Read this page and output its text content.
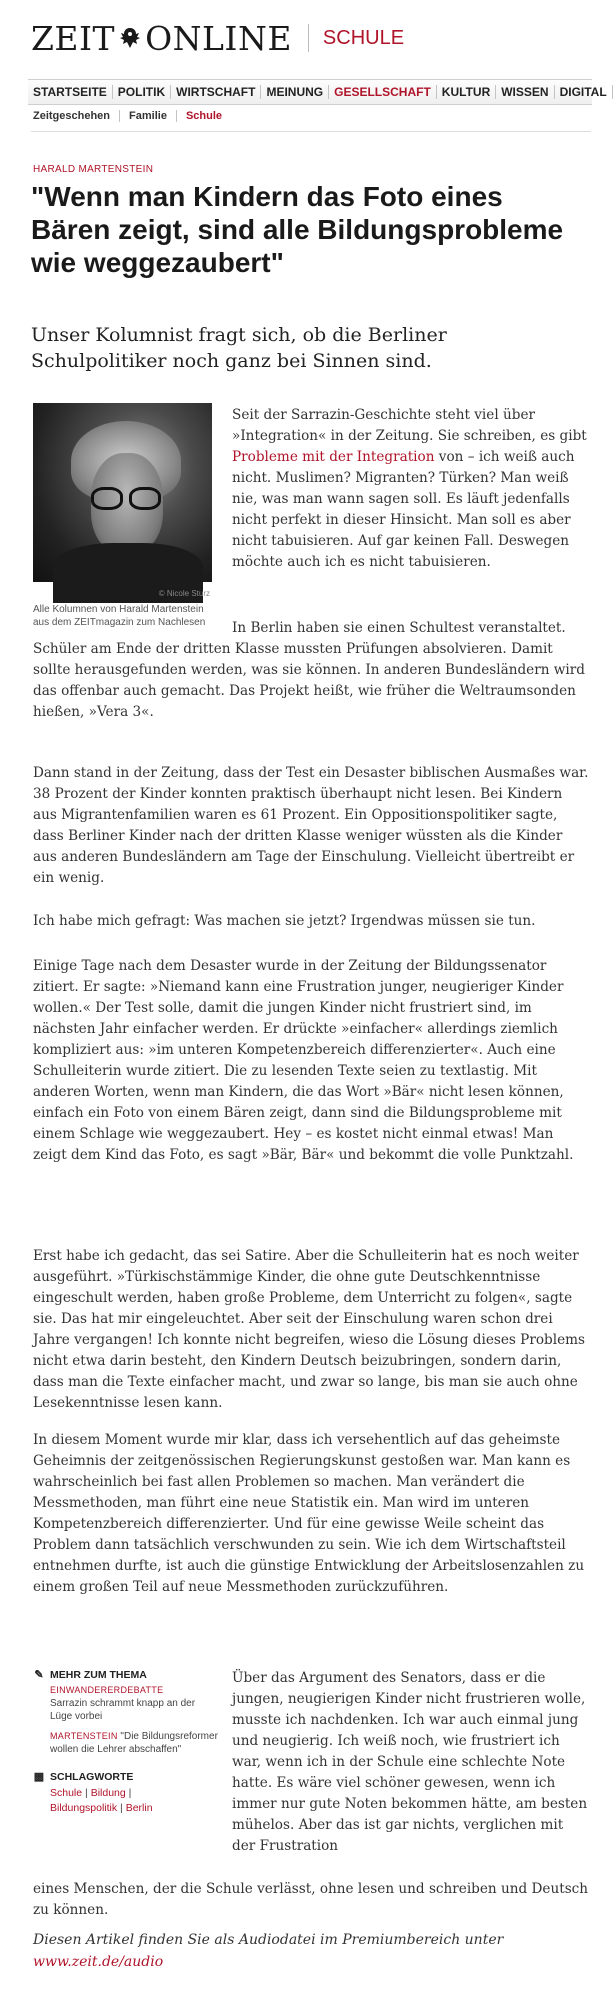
ZEIT ONLINE SCHULE
STARTSEITE POLITIK WIRTSCHAFT MEINUNG GESELLSCHAFT KULTUR WISSEN DIGITAL
Zeitgeschehen	Familie	Schule
HARALD MARTENSTEIN
"Wenn man Kindern das Foto eines Bären zeigt, sind alle Bildungsprobleme wie weggezaubert"

Unser Kolumnist fragt sich, ob die Berliner Schulpolitiker noch ganz bei Sinnen sind.

© Nicole Sturz

Alle Kolumnen von Harald Martenstein aus dem ZEITmagazin zum Nachlesen

Seit der Sarrazin-Geschichte steht viel über »Integration« in der Zeitung. Sie schreiben, es gibt Probleme mit der Integration von – ich weiß auch nicht. Muslimen? Migranten? Türken? Man weiß nie, was man wann sagen soll. Es läuft jedenfalls nicht perfekt in dieser Hinsicht. Man soll es aber nicht tabuisieren. Auf gar keinen Fall. Deswegen möchte auch ich es nicht tabuisieren.

In Berlin haben sie einen Schultest veranstaltet. Schüler am Ende der dritten Klasse mussten Prüfungen absolvieren. Damit sollte herausgefunden werden, was sie können. In anderen Bundesländern wird das offenbar auch gemacht. Das Projekt heißt, wie früher die Weltraumsonden hießen, »Vera 3«.

Dann stand in der Zeitung, dass der Test ein Desaster biblischen Ausmaßes war. 38 Prozent der Kinder konnten praktisch überhaupt nicht lesen. Bei Kindern aus Migrantenfamilien waren es 61 Prozent. Ein Oppositionspolitiker sagte, dass Berliner Kinder nach der dritten Klasse weniger wüssten als die Kinder aus anderen Bundesländern am Tage der Einschulung. Vielleicht übertreibt er ein wenig.

Ich habe mich gefragt: Was machen sie jetzt? Irgendwas müssen sie tun.

Einige Tage nach dem Desaster wurde in der Zeitung der Bildungssenator zitiert. Er sagte: »Niemand kann eine Frustration junger, neugieriger Kinder wollen.« Der Test solle, damit die jungen Kinder nicht frustriert sind, im nächsten Jahr einfacher werden. Er drückte »einfacher« allerdings ziemlich kompliziert aus: »im unteren Kompetenzbereich differenzierter«. Auch eine Schulleiterin wurde zitiert. Die zu lesenden Texte seien zu textlastig. Mit anderen Worten, wenn man Kindern, die das Wort »Bär« nicht lesen können, einfach ein Foto von einem Bären zeigt, dann sind die Bildungsprobleme mit einem Schlage wie weggezaubert. Hey – es kostet nicht einmal etwas! Man zeigt dem Kind das Foto, es sagt »Bär, Bär« und bekommt die volle Punktzahl.

Erst habe ich gedacht, das sei Satire. Aber die Schulleiterin hat es noch weiter ausgeführt. »Türkischstämmige Kinder, die ohne gute Deutschkenntnisse eingeschult werden, haben große Probleme, dem Unterricht zu folgen«, sagte sie. Das hat mir eingeleuchtet. Aber seit der Einschulung waren schon drei Jahre vergangen! Ich konnte nicht begreifen, wieso die Lösung dieses Problems nicht etwa darin besteht, den Kindern Deutsch beizubringen, sondern darin, dass man die Texte einfacher macht, und zwar so lange, bis man sie auch ohne Lesekenntnisse lesen kann.

In diesem Moment wurde mir klar, dass ich versehentlich auf das geheimste Geheimnis der zeitgenössischen Regierungskunst gestoßen war. Man kann es wahrscheinlich bei fast allen Problemen so machen. Man verändert die Messmethoden, man führt eine neue Statistik ein. Man wird im unteren Kompetenzbereich differenzierter. Und für eine gewisse Weile scheint das Problem dann tatsächlich verschwunden zu sein. Wie ich dem Wirtschaftsteil entnehmen durfte, ist auch die günstige Entwicklung der Arbeitslosenzahlen zu einem großen Teil auf neue Messmethoden zurückzuführen.

✎ MEHR ZUM THEMA
EINWANDERERDEBATTE
Sarrazin schrammt knapp an der Lüge vorbei
MARTENSTEIN "Die Bildungsreformer wollen die Lehrer abschaffen"
▩ SCHLAGWORTE
Schule | Bildung |
Bildungspolitik | Berlin

Über das Argument des Senators, dass er die jungen, neugierigen Kinder nicht frustrieren wolle, musste ich nachdenken. Ich war auch einmal jung und neugierig. Ich weiß noch, wie frustriert ich war, wenn ich in der Schule eine schlechte Note hatte. Es wäre viel schöner gewesen, wenn ich immer nur gute Noten bekommen hätte, am besten mühelos. Aber das ist gar nichts, verglichen mit der Frustration

eines Menschen, der die Schule verlässt, ohne lesen und schreiben und Deutsch zu können.

Diesen Artikel finden Sie als Audiodatei im Premiumbereich unter
www.zeit.de/audio
